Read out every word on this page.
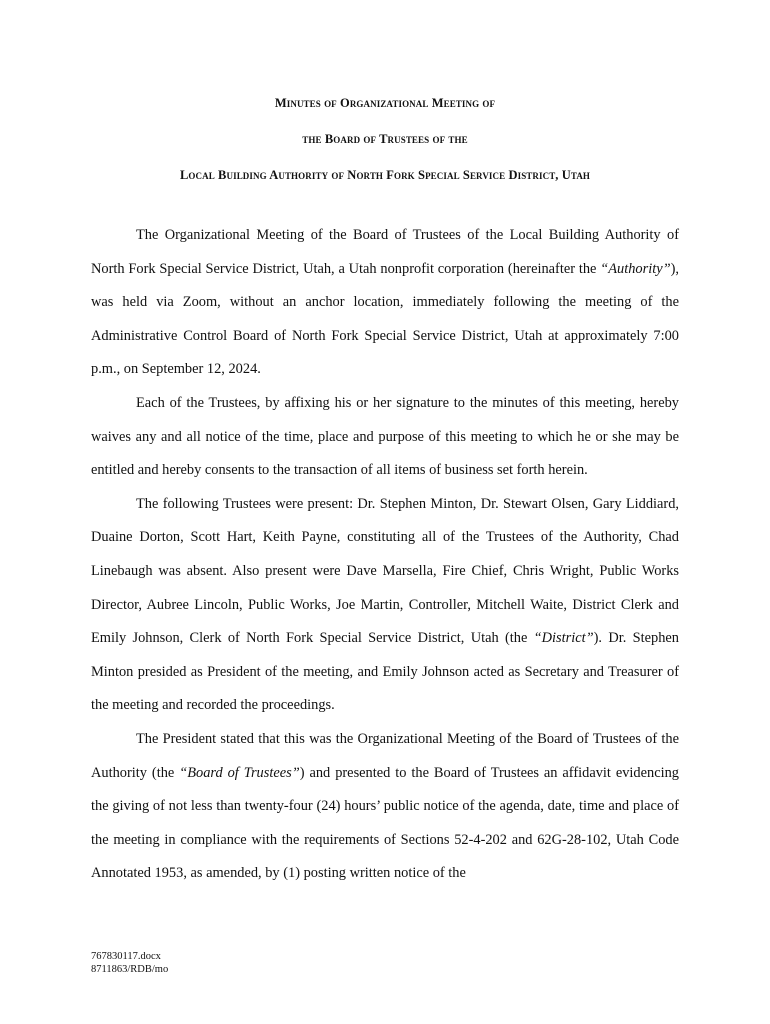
Minutes of Organizational Meeting of
the Board of Trustees of the
Local Building Authority of North Fork Special Service District, Utah

The Organizational Meeting of the Board of Trustees of the Local Building Authority of North Fork Special Service District, Utah, a Utah nonprofit corporation (hereinafter the “Authority”), was held via Zoom, without an anchor location, immediately following the meeting of the Administrative Control Board of North Fork Special Service District, Utah at approximately 7:00 p.m., on September 12, 2024.

Each of the Trustees, by affixing his or her signature to the minutes of this meeting, hereby waives any and all notice of the time, place and purpose of this meeting to which he or she may be entitled and hereby consents to the transaction of all items of business set forth herein.

The following Trustees were present: Dr. Stephen Minton, Dr. Stewart Olsen, Gary Liddiard, Duaine Dorton, Scott Hart, Keith Payne, constituting all of the Trustees of the Authority, Chad Linebaugh was absent. Also present were Dave Marsella, Fire Chief, Chris Wright, Public Works Director, Aubree Lincoln, Public Works, Joe Martin, Controller, Mitchell Waite, District Clerk and Emily Johnson, Clerk of North Fork Special Service District, Utah (the “District”). Dr. Stephen Minton presided as President of the meeting, and Emily Johnson acted as Secretary and Treasurer of the meeting and recorded the proceedings.

The President stated that this was the Organizational Meeting of the Board of Trustees of the Authority (the “Board of Trustees”) and presented to the Board of Trustees an affidavit evidencing the giving of not less than twenty-four (24) hours’ public notice of the agenda, date, time and place of the meeting in compliance with the requirements of Sections 52-4-202 and 62G-28-102, Utah Code Annotated 1953, as amended, by (1) posting written notice of the

767830117.docx
8711863/RDB/mo
